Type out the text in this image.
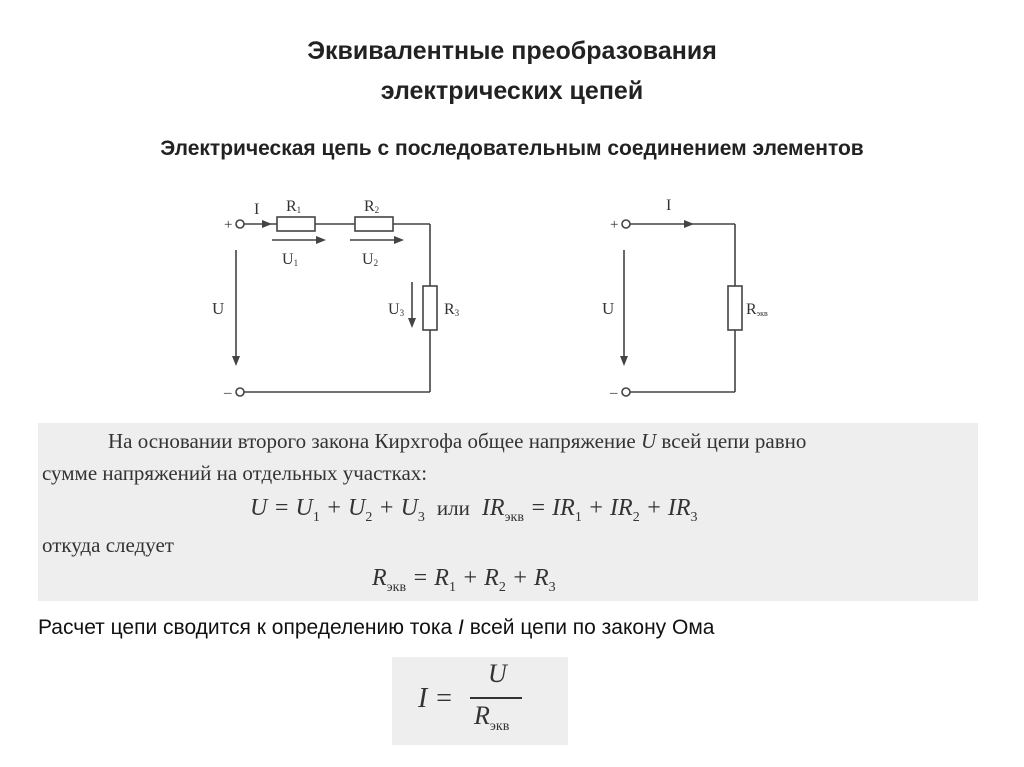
Эквивалентные преобразования
электрических цепей
Электрическая цепь с последовательным соединением элементов
+
–
I R1	R2
R3
U1	U2
U3
U
+
–
I
U	Rэкв
На основании второго закона Кирхгофа общее напряжение U всей цепи равно
сумме напряжений на отдельных участках:
$U = U_1 + U_2 + U_3$ или $IR_{экв} = IR_1 + IR_2 + IR_3$
откуда следует
$R_{экв} = R_1 + R_2 + R_3$
Расчет цепи сводится к определению тока I всей цепи по закону Ома
I =
U
$R_{экв}$
